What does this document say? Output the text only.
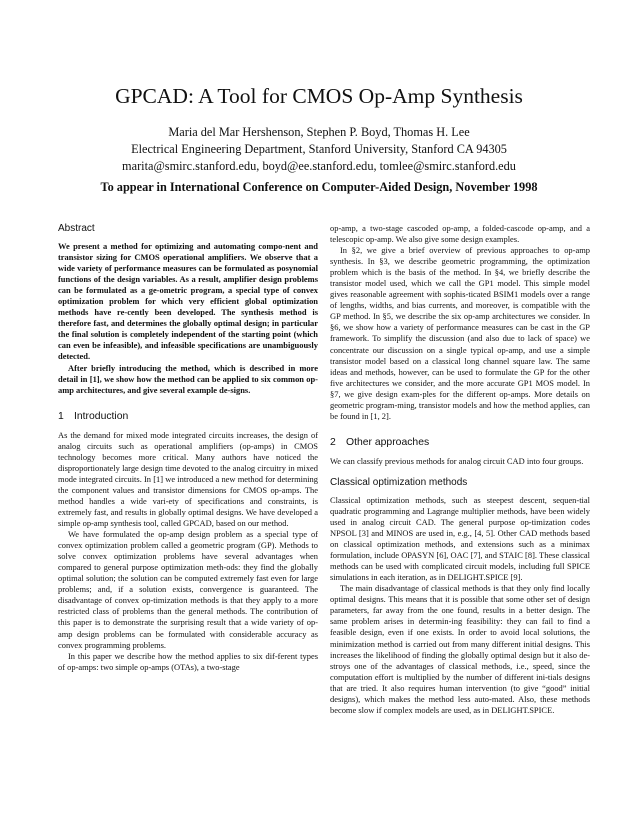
GPCAD: A Tool for CMOS Op-Amp Synthesis
Maria del Mar Hershenson, Stephen P. Boyd, Thomas H. Lee
Electrical Engineering Department, Stanford University, Stanford CA 94305
marita@smirc.stanford.edu, boyd@ee.stanford.edu, tomlee@smirc.stanford.edu
To appear in International Conference on Computer-Aided Design, November 1998
Abstract

We present a method for optimizing and automating compo-nent and transistor sizing for CMOS operational amplifiers. We observe that a wide variety of performance measures can be formulated as posynomial functions of the design variables. As a result, amplifier design problems can be formulated as a ge-ometric program, a special type of convex optimization problem for which very efficient global optimization methods have re-cently been developed. The synthesis method is therefore fast, and determines the globally optimal design; in particular the final solution is completely independent of the starting point (which can even be infeasible), and infeasible specifications are unambiguously detected.

After briefly introducing the method, which is described in more detail in [1], we show how the method can be applied to six common op-amp architectures, and give several example de-signs.

1 Introduction

As the demand for mixed mode integrated circuits increases, the design of analog circuits such as operational amplifiers (op-amps) in CMOS technology becomes more critical. Many authors have noticed the disproportionately large design time devoted to the analog circuitry in mixed mode integrated circuits. In [1] we introduced a new method for determining the component values and transistor dimensions for CMOS op-amps. The method handles a wide vari-ety of specifications and constraints, is extremely fast, and results in globally optimal designs. We have developed a simple op-amp synthesis tool, called GPCAD, based on our method.

We have formulated the op-amp design problem as a special type of convex optimization problem called a geometric program (GP). Methods to solve convex optimization problems have several advantages when compared to general purpose optimization meth-ods: they find the globally optimal solution; the solution can be computed extremely fast even for large problems; and, if a solution exists, convergence is guaranteed. The disadvantage of convex op-timization methods is that they apply to a more restricted class of problems than the general methods. The contribution of this paper is to demonstrate the surprising result that a wide variety of op-amp design problems can be formulated with considerable accuracy as convex programming problems.

In this paper we describe how the method applies to six dif-ferent types of op-amps: two simple op-amps (OTAs), a two-stage

op-amp, a two-stage cascoded op-amp, a folded-cascode op-amp, and a telescopic op-amp. We also give some design examples.

In §2, we give a brief overview of previous approaches to op-amp synthesis. In §3, we describe geometric programming, the optimization problem which is the basis of the method. In §4, we briefly describe the transistor model used, which we call the GP1 model. This simple model gives reasonable agreement with sophis-ticated BSIM1 models over a range of lengths, widths, and bias currents, and moreover, is compatible with the GP method. In §5, we describe the six op-amp architectures we consider. In §6, we show how a variety of performance measures can be cast in the GP framework. To simplify the discussion (and also due to lack of space) we concentrate our discussion on a single typical op-amp, and use a simple transistor model based on a classical long channel square law. The same ideas and methods, however, can be used to formulate the GP for the other five architectures we consider, and the more accurate GP1 MOS model. In §7, we give design exam-ples for the different op-amps. More details on geometric program-ming, transistor models and how the method applies, can be found in [1, 2].

2 Other approaches

We can classify previous methods for analog circuit CAD into four groups.

Classical optimization methods

Classical optimization methods, such as steepest descent, sequen-tial quadratic programming and Lagrange multiplier methods, have been widely used in analog circuit CAD. The general purpose op-timization codes NPSOL [3] and MINOS are used in, e.g., [4, 5]. Other CAD methods based on classical optimization methods, and extensions such as a minimax formulation, include OPASYN [6], OAC [7], and STAIC [8]. These classical methods can be used with complicated circuit models, including full SPICE simulations in each iteration, as in DELIGHT.SPICE [9].

The main disadvantage of classical methods is that they only find locally optimal designs. This means that it is possible that some other set of design parameters, far away from the one found, results in a better design. The same problem arises in determin-ing feasibility: they can fail to find a feasible design, even if one exists. In order to avoid local solutions, the minimization method is carried out from many different initial designs. This increases the likelihood of finding the globally optimal design but it also de-stroys one of the advantages of classical methods, i.e., speed, since the computation effort is multiplied by the number of different ini-tials designs that are tried. It also requires human intervention (to give “good” initial designs), which makes the method less auto-mated. Also, these methods become slow if complex models are used, as in DELIGHT.SPICE.
